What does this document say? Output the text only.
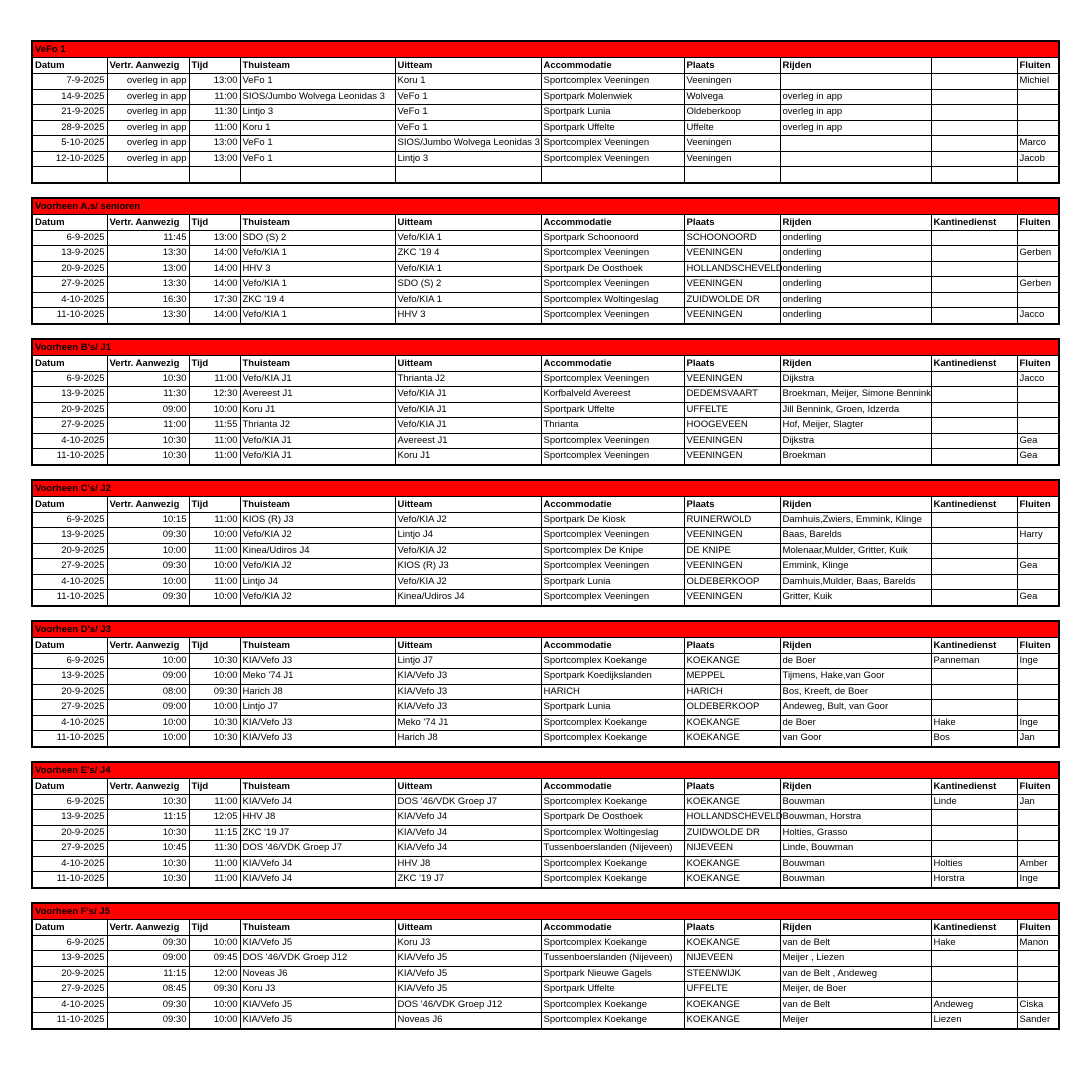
VeFo 1
Datum	Vertr. Aanwezig	Tijd	Thuisteam	Uitteam	Accommodatie	Plaats	Rijden		Fluiten
7-9-2025	overleg in app	13:00	VeFo 1	Koru 1	Sportcomplex Veeningen	Veeningen			Michiel
14-9-2025	overleg in app	11:00	SIOS/Jumbo Wolvega Leonidas 3	VeFo 1	Sportpark Molenwiek	Wolvega	overleg in app		
21-9-2025	overleg in app	11:30	Lintjo 3	VeFo 1	Sportpark Lunia	Oldeberkoop	overleg in app		
28-9-2025	overleg in app	11:00	Koru 1	VeFo 1	Sportpark Uffelte	Uffelte	overleg in app		
5-10-2025	overleg in app	13:00	VeFo 1	SIOS/Jumbo Wolvega Leonidas 3	Sportcomplex Veeningen	Veeningen			Marco
12-10-2025	overleg in app	13:00	VeFo 1	Lintjo 3	Sportcomplex Veeningen	Veeningen			Jacob

Voorheen A,s/ senioren
Datum	Vertr. Aanwezig	Tijd	Thuisteam	Uitteam	Accommodatie	Plaats	Rijden	Kantinedienst	Fluiten
6-9-2025	11:45	13:00	SDO (S) 2	Vefo/KIA 1	Sportpark Schoonoord	SCHOONOORD	onderling		
13-9-2025	13:30	14:00	Vefo/KIA 1	ZKC '19 4	Sportcomplex Veeningen	VEENINGEN	onderling		Gerben
20-9-2025	13:00	14:00	HHV 3	Vefo/KIA 1	Sportpark De Oosthoek	HOLLANDSCHEVELD	onderling		
27-9-2025	13:30	14:00	Vefo/KIA 1	SDO (S) 2	Sportcomplex Veeningen	VEENINGEN	onderling		Gerben
4-10-2025	16:30	17:30	ZKC '19 4	Vefo/KIA 1	Sportcomplex Woltingeslag	ZUIDWOLDE DR	onderling		
11-10-2025	13:30	14:00	Vefo/KIA 1	HHV 3	Sportcomplex Veeningen	VEENINGEN	onderling		Jacco
Voorheen B's/ J1
Datum	Vertr. Aanwezig	Tijd	Thuisteam	Uitteam	Accommodatie	Plaats	Rijden	Kantinedienst	Fluiten
6-9-2025	10:30	11:00	Vefo/KIA J1	Thrianta J2	Sportcomplex Veeningen	VEENINGEN	Dijkstra		Jacco
13-9-2025	11:30	12:30	Avereest J1	Vefo/KIA J1	Korfbalveld Avereest	DEDEMSVAART	Broekman, Meijer, Simone Bennink		
20-9-2025	09:00	10:00	Koru J1	Vefo/KIA J1	Sportpark Uffelte	UFFELTE	Jill Bennink, Groen, Idzerda		
27-9-2025	11:00	11:55	Thrianta J2	Vefo/KIA J1	Thrianta	HOOGEVEEN	Hof, Meijer, Slagter		
4-10-2025	10:30	11:00	Vefo/KIA J1	Avereest J1	Sportcomplex Veeningen	VEENINGEN	Dijkstra		Gea
11-10-2025	10:30	11:00	Vefo/KIA J1	Koru J1	Sportcomplex Veeningen	VEENINGEN	Broekman		Gea
Voorheen C's/ J2
Datum	Vertr. Aanwezig	Tijd	Thuisteam	Uitteam	Accommodatie	Plaats	Rijden	Kantinedienst	Fluiten
6-9-2025	10:15	11:00	KIOS (R) J3	Vefo/KIA J2	Sportpark De Kiosk	RUINERWOLD	Damhuis,Zwiers, Emmink, Klinge		
13-9-2025	09:30	10:00	Vefo/KIA J2	Lintjo J4	Sportcomplex Veeningen	VEENINGEN	Baas, Barelds		Harry
20-9-2025	10:00	11:00	Kinea/Udiros J4	Vefo/KIA J2	Sportcomplex De Knipe	DE KNIPE	Molenaar,Mulder, Gritter, Kuik		
27-9-2025	09:30	10:00	Vefo/KIA J2	KIOS (R) J3	Sportcomplex Veeningen	VEENINGEN	Emmink, Klinge		Gea
4-10-2025	10:00	11:00	Lintjo J4	Vefo/KIA J2	Sportpark Lunia	OLDEBERKOOP	Damhuis,Mulder, Baas, Barelds		
11-10-2025	09:30	10:00	Vefo/KIA J2	Kinea/Udiros J4	Sportcomplex Veeningen	VEENINGEN	Gritter, Kuik		Gea
Voorheen D's/ J3
Datum	Vertr. Aanwezig	Tijd	Thuisteam	Uitteam	Accommodatie	Plaats	Rijden	Kantinedienst	Fluiten
6-9-2025	10:00	10:30	KIA/Vefo J3	Lintjo J7	Sportcomplex Koekange	KOEKANGE	de Boer	Panneman	Inge
13-9-2025	09:00	10:00	Meko '74 J1	KIA/Vefo J3	Sportpark Koedijkslanden	MEPPEL	Tijmens, Hake,van Goor		
20-9-2025	08:00	09:30	Harich J8	KIA/Vefo J3	HARICH	HARICH	Bos, Kreeft, de Boer		
27-9-2025	09:00	10:00	Lintjo J7	KIA/Vefo J3	Sportpark Lunia	OLDEBERKOOP	Andeweg, Bult, van Goor		
4-10-2025	10:00	10:30	KIA/Vefo J3	Meko '74 J1	Sportcomplex Koekange	KOEKANGE	de Boer	Hake	Inge
11-10-2025	10:00	10:30	KIA/Vefo J3	Harich J8	Sportcomplex Koekange	KOEKANGE	van Goor	Bos	Jan
Voorheen E's/ J4
Datum	Vertr. Aanwezig	Tijd	Thuisteam	Uitteam	Accommodatie	Plaats	Rijden	Kantinedienst	Fluiten
6-9-2025	10:30	11:00	KIA/Vefo J4	DOS '46/VDK Groep J7	Sportcomplex Koekange	KOEKANGE	Bouwman	Linde	Jan
13-9-2025	11:15	12:05	HHV J8	KIA/Vefo J4	Sportpark De Oosthoek	HOLLANDSCHEVELD	Bouwman, Horstra		
20-9-2025	10:30	11:15	ZKC '19 J7	KIA/Vefo J4	Sportcomplex Woltingeslag	ZUIDWOLDE DR	Holties, Grasso		
27-9-2025	10:45	11:30	DOS '46/VDK Groep J7	KIA/Vefo J4	Tussenboerslanden (Nijeveen)	NIJEVEEN	Linde, Bouwman		
4-10-2025	10:30	11:00	KIA/Vefo J4	HHV J8	Sportcomplex Koekange	KOEKANGE	Bouwman	Holties	Amber
11-10-2025	10:30	11:00	KIA/Vefo J4	ZKC '19 J7	Sportcomplex Koekange	KOEKANGE	Bouwman	Horstra	Inge
Voorheen F's/ J5
Datum	Vertr. Aanwezig	Tijd	Thuisteam	Uitteam	Accommodatie	Plaats	Rijden	Kantinedienst	Fluiten
6-9-2025	09:30	10:00	KIA/Vefo J5	Koru J3	Sportcomplex Koekange	KOEKANGE	van de Belt	Hake	Manon
13-9-2025	09:00	09:45	DOS '46/VDK Groep J12	KIA/Vefo J5	Tussenboerslanden (Nijeveen)	NIJEVEEN	Meijer , Liezen		
20-9-2025	11:15	12:00	Noveas J6	KIA/Vefo J5	Sportpark Nieuwe Gagels	STEENWIJK	van de Belt , Andeweg		
27-9-2025	08:45	09:30	Koru J3	KIA/Vefo J5	Sportpark Uffelte	UFFELTE	Meijer, de Boer		
4-10-2025	09:30	10:00	KIA/Vefo J5	DOS '46/VDK Groep J12	Sportcomplex Koekange	KOEKANGE	van de Belt	Andeweg	Ciska
11-10-2025	09:30	10:00	KIA/Vefo J5	Noveas J6	Sportcomplex Koekange	KOEKANGE	Meijer	Liezen	Sander
